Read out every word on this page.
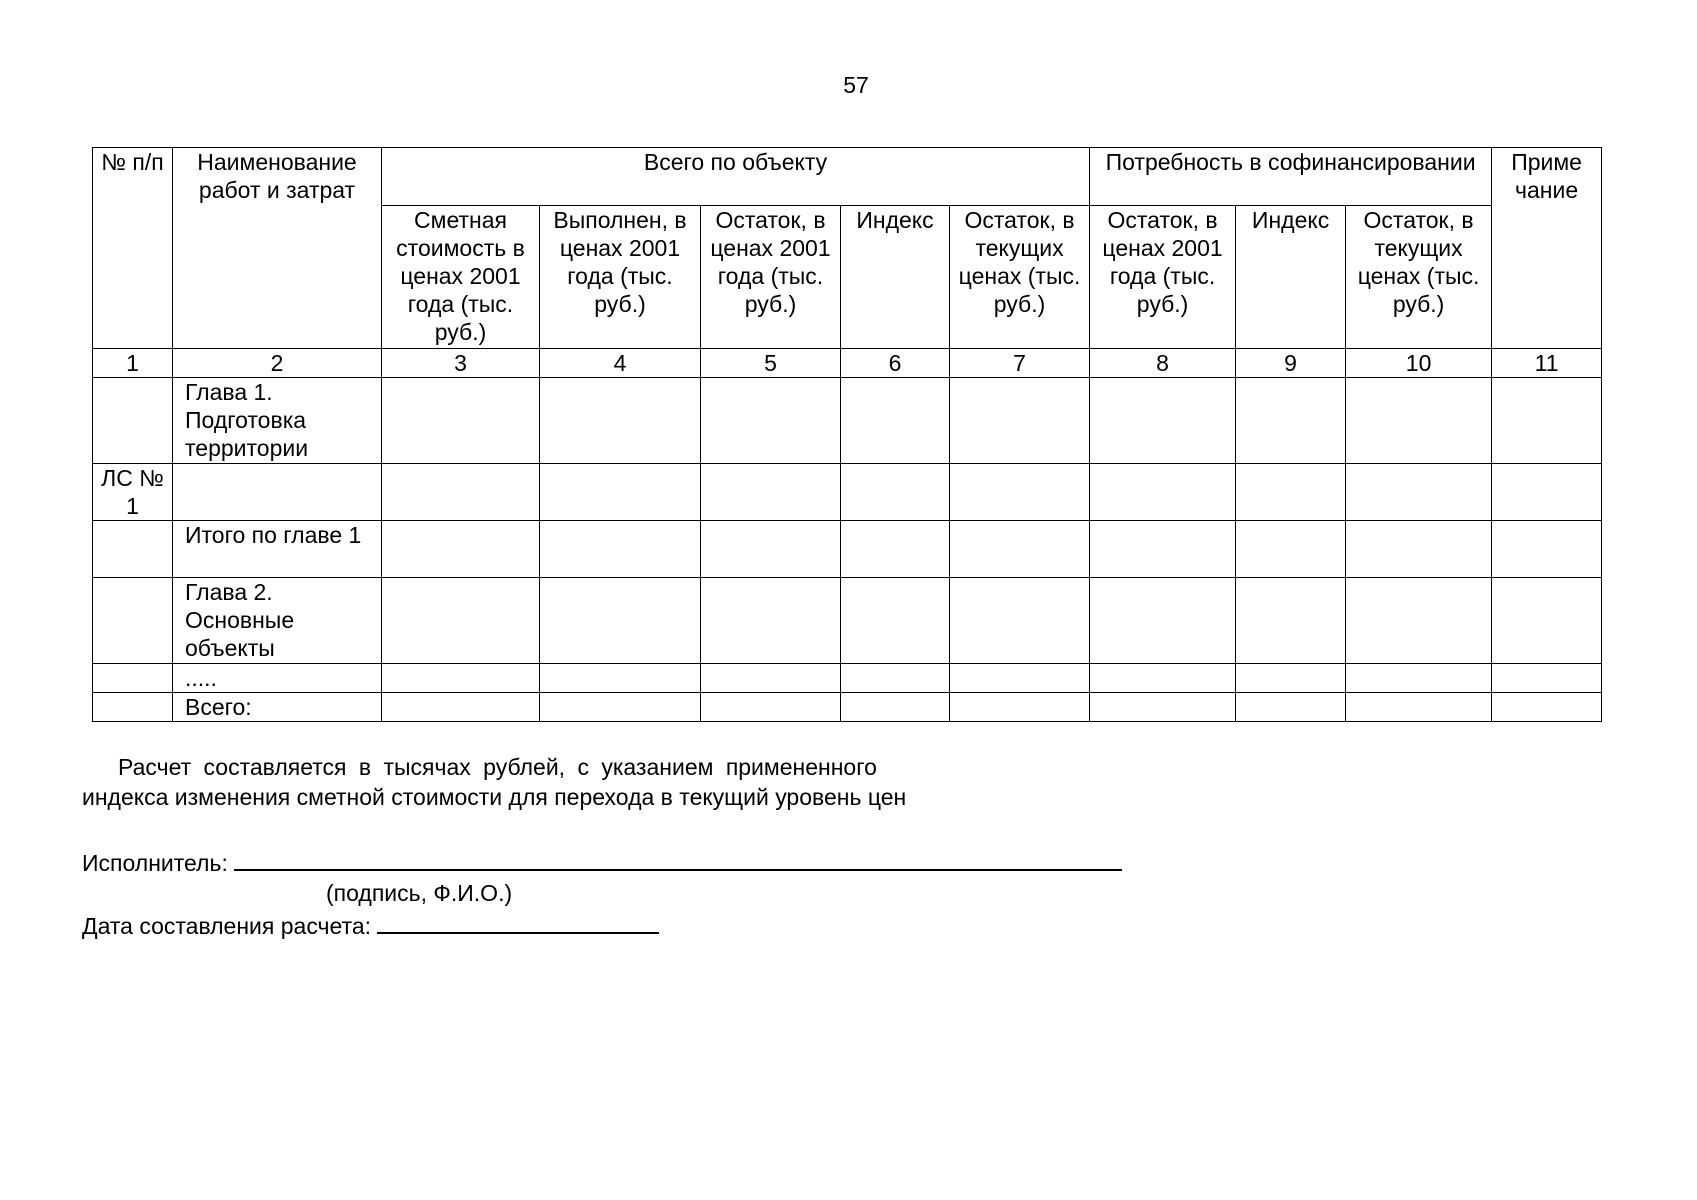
57
№ п/п	Наименование работ и затрат	Всего по объекту					Потребность в софинансировании			Приме чание
		Сметная стоимость в ценах 2001 года (тыс. руб.)	Выполнен, в ценах 2001 года (тыс. руб.)	Остаток, в ценах 2001 года (тыс. руб.)	Индекс	Остаток, в текущих ценах (тыс. руб.)	Остаток, в ценах 2001 года (тыс. руб.)	Индекс	Остаток, в текущих ценах (тыс. руб.)	
1	2	3	4	5	6	7	8	9	10	11
	Глава 1. Подготовка территории									
ЛС № 1										
	Итого по главе 1									
	Глава 2. Основные объекты									
	.....									
	Всего:									
Расчет составляется в тысячах рублей, с указанием примененного
индекса изменения сметной стоимости для перехода в текущий уровень цен
Исполнитель:
(подпись, Ф.И.О.)
Дата составления расчета:
